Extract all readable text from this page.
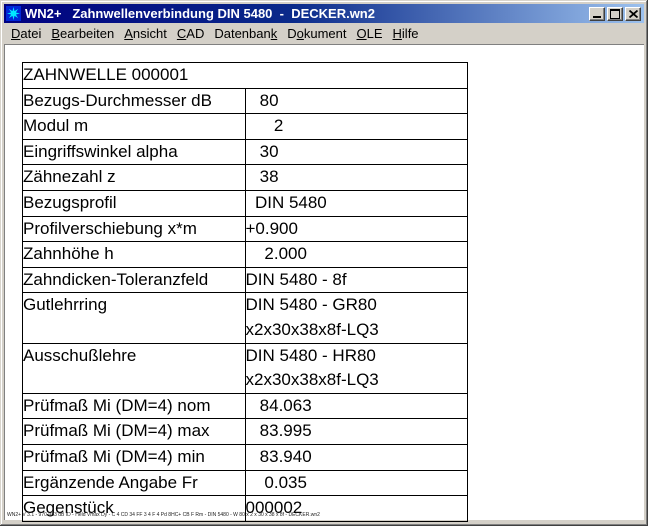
WN2+   Zahnwellenverbindung DIN 5480  -  DECKER.wn2
Datei Bearbeiten Ansicht CAD Datenbank Dokument OLE Hilfe
ZAHNWELLE 000001	
Bezugs-Durchmesser dB	80

Modul m	2

Eingriffswinkel alpha	30

Zähnezahl z	38

Bezugsprofil	DIN 5480

Profilverschiebung x*m	+0.900

Zahnhöhe h	2.000

Zahndicken-Toleranzfeld	DIN 5480 - 8f

Gutlehrring	DIN 5480 - GR80
x2x30x38x8f-LQ3

Ausschußlehre	DIN 5480 - HR80
x2x30x38x8f-LQ3

Prüfmaß Mi (DM=4) nom	84.063

Prüfmaß Mi (DM=4) max	83.995

Prüfmaß Mi (DM=4) min	83.940

Ergänzende Angabe Fr	0.035

Gegenstück	000002
WN2+ V 3.1 - 970-983 dB ID - Held Vmax Dy - C 4 CD 34 FF 3 4 F 4 Pd 8HC+ CB F Rm - DIN 5480 - W 80 x 2 x 30 x 38 x 8f - DECKER.wn2
